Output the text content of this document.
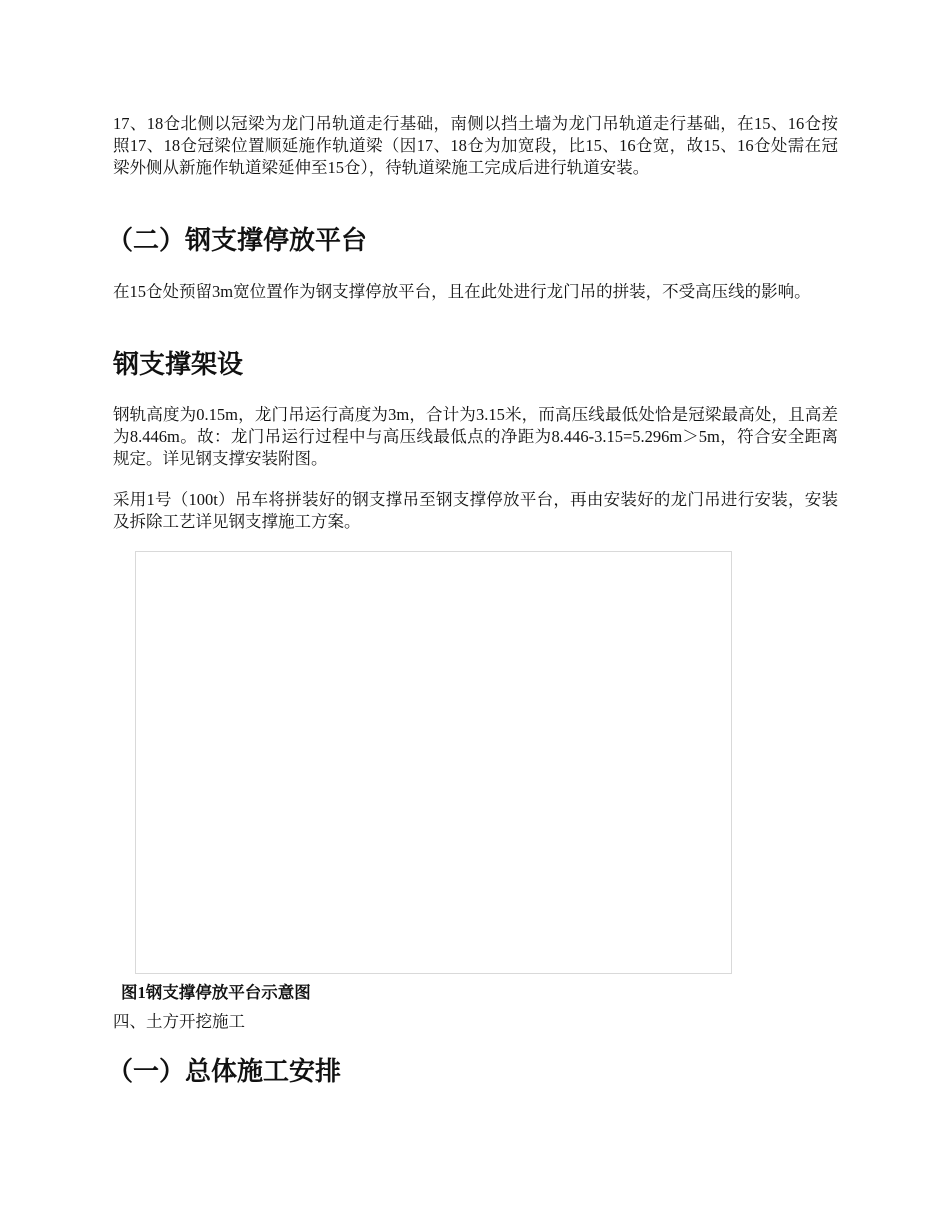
17、18仓北侧以冠梁为龙门吊轨道走行基础，南侧以挡土墙为龙门吊轨道走行基础，在15、16仓按照17、18仓冠梁位置顺延施作轨道梁（因17、18仓为加宽段，比15、16仓宽，故15、16仓处需在冠梁外侧从新施作轨道梁延伸至15仓），待轨道梁施工完成后进行轨道安装。

（二）钢支撑停放平台

在15仓处预留3m宽位置作为钢支撑停放平台，且在此处进行龙门吊的拼装，不受高压线的影响。

钢支撑架设

钢轨高度为0.15m，龙门吊运行高度为3m，合计为3.15米，而高压线最低处恰是冠梁最高处，且高差为8.446m。故：龙门吊运行过程中与高压线最低点的净距为8.446-3.15=5.296m＞5m，符合安全距离规定。详见钢支撑安装附图。

采用1号（100t）吊车将拼装好的钢支撑吊至钢支撑停放平台，再由安装好的龙门吊进行安装，安装及拆除工艺详见钢支撑施工方案。

图1钢支撑停放平台示意图
四、土方开挖施工
（一）总体施工安排
